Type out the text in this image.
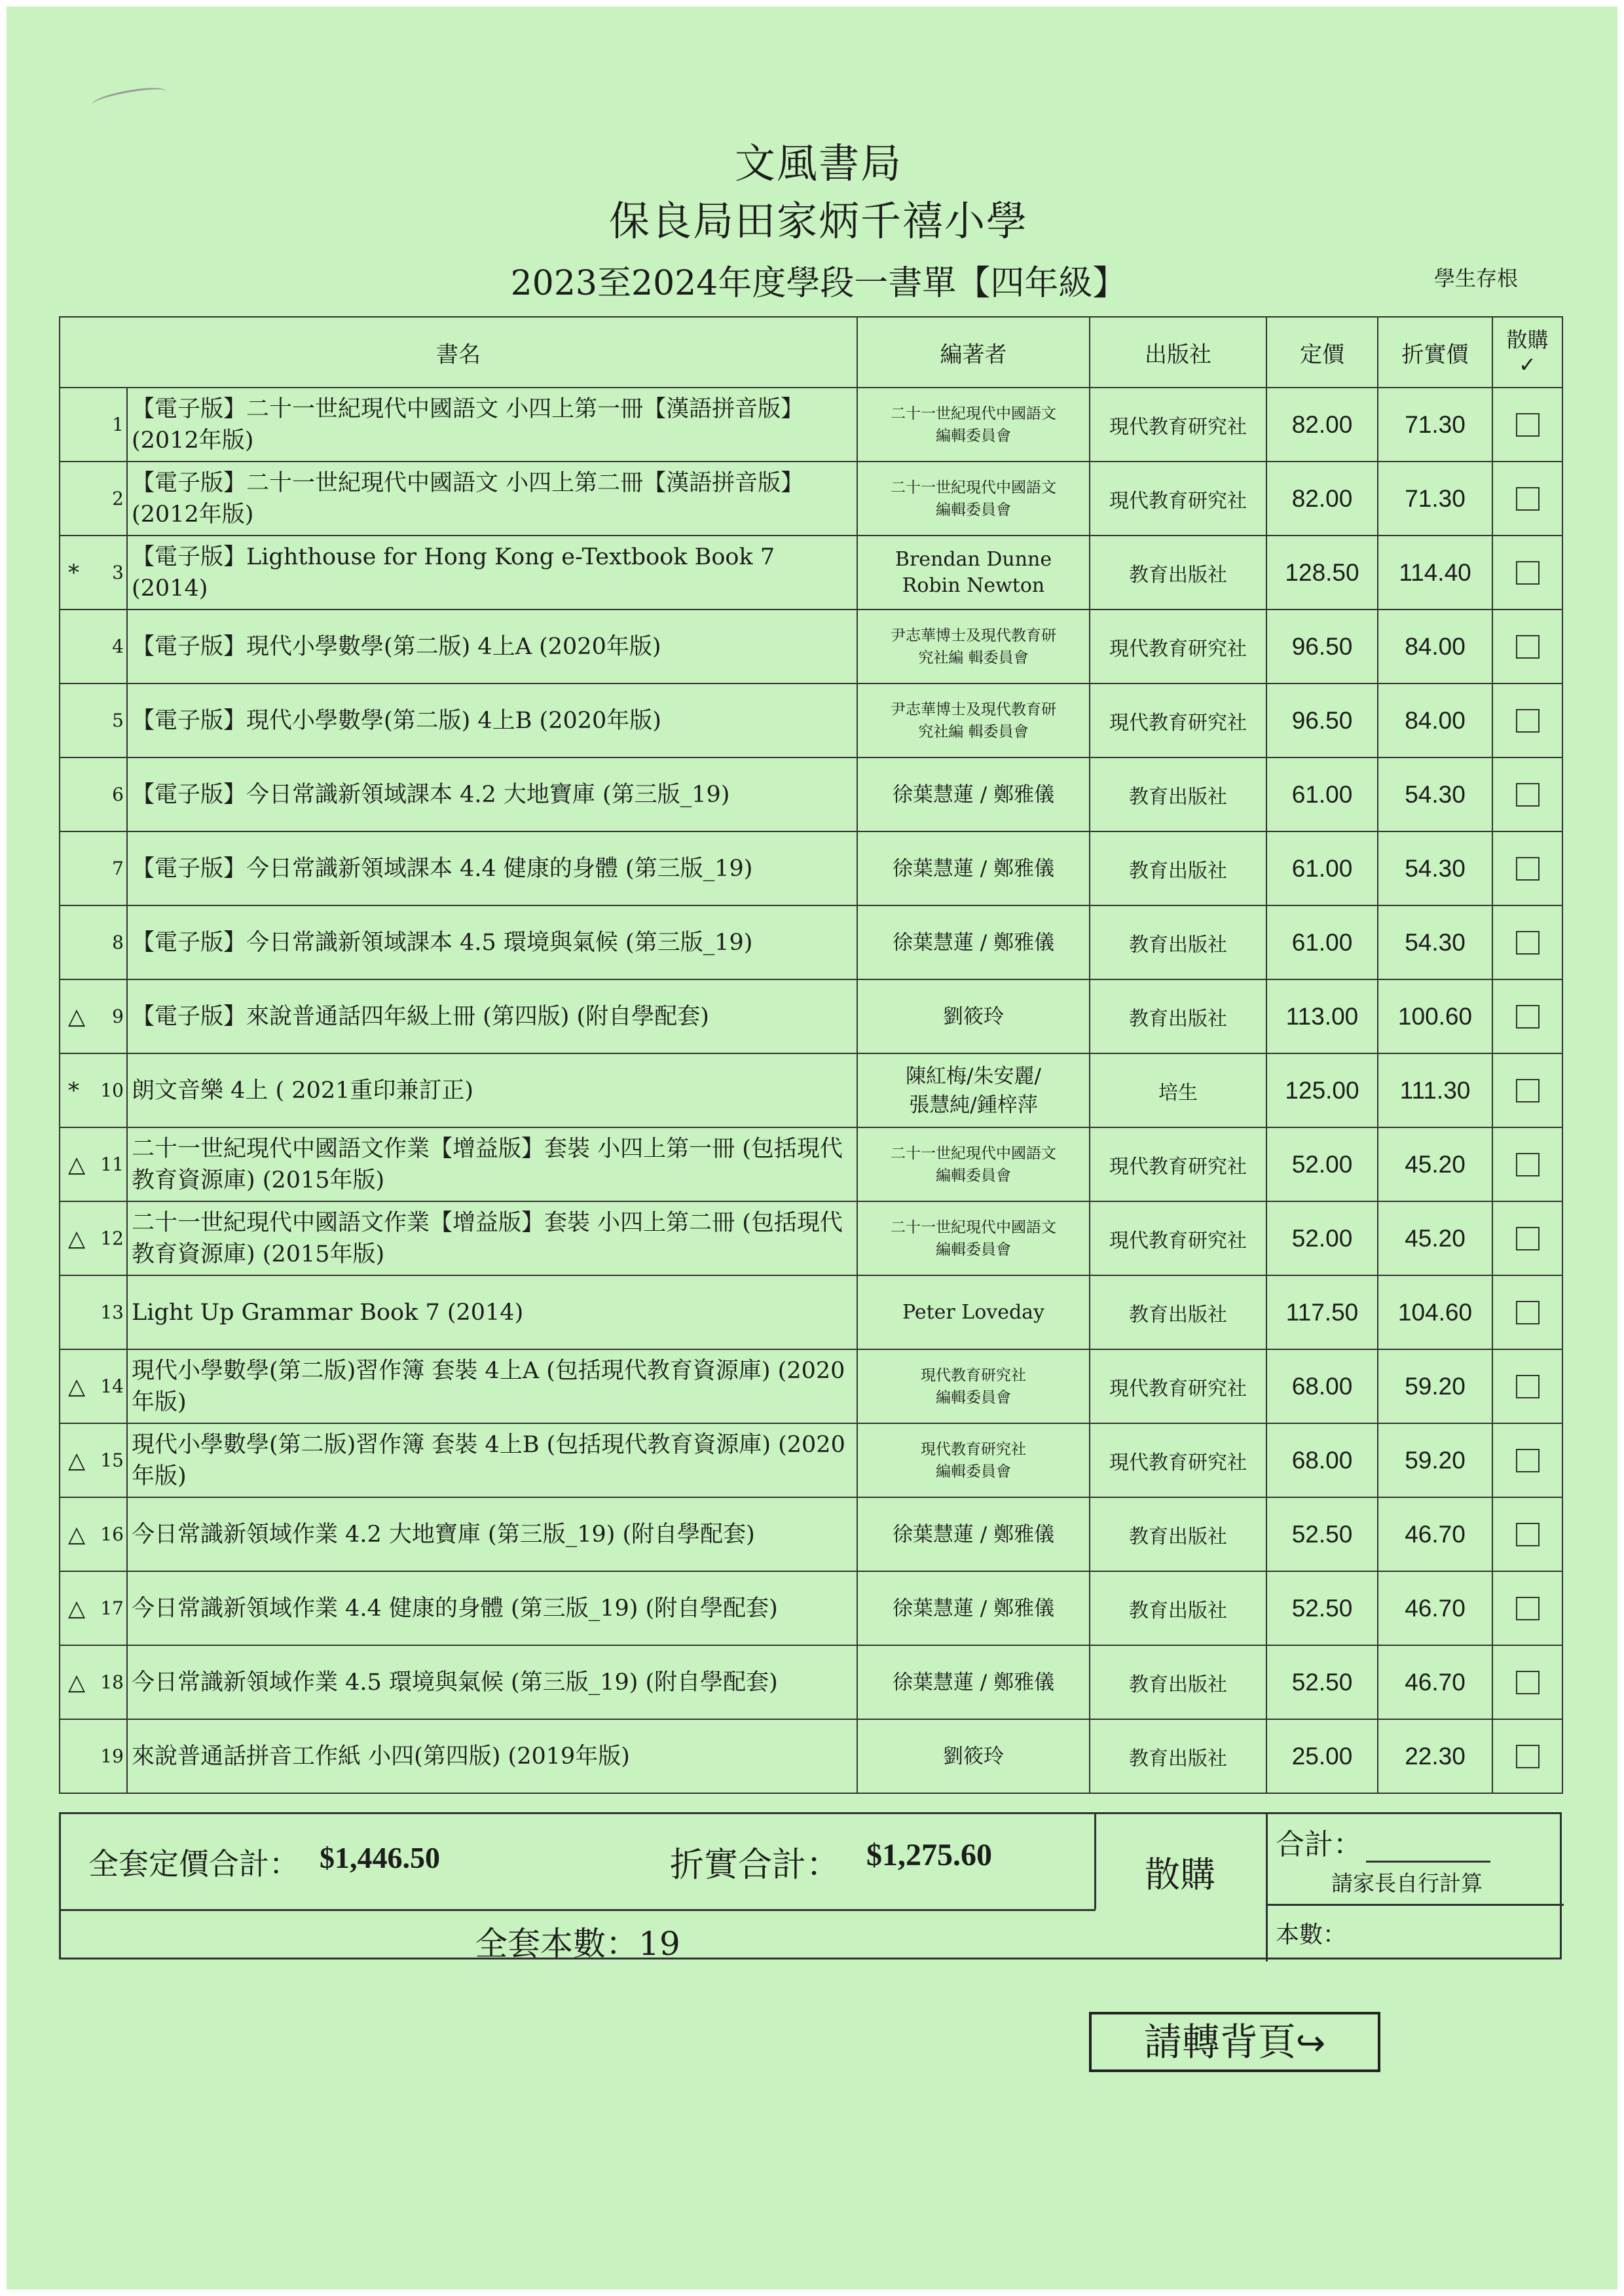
文風書局
保良局田家炳千禧小學
2023至2024年度學段一書單【四年級】	學生存根
書名			編著者	出版社	定價	折實價	散購
✓

	1	【電子版】二十一世紀現代中國語文 小四上第一冊【漢語拼音版】(2012年版)	二十一世紀現代中國語文
編輯委員會	現代教育研究社	82.00	71.30	
	2	【電子版】二十一世紀現代中國語文 小四上第二冊【漢語拼音版】(2012年版)	二十一世紀現代中國語文
編輯委員會	現代教育研究社	82.00	71.30	
*	3	【電子版】Lighthouse for Hong Kong e-Textbook Book 7 (2014)	Brendan Dunne
Robin Newton	教育出版社	128.50	114.40	
	4	【電子版】現代小學數學(第二版) 4上A (2020年版)	尹志華博士及現代教育研
究社編 輯委員會	現代教育研究社	96.50	84.00	
	5	【電子版】現代小學數學(第二版) 4上B (2020年版)	尹志華博士及現代教育研
究社編 輯委員會	現代教育研究社	96.50	84.00	
	6	【電子版】今日常識新領域課本 4.2 大地寶庫 (第三版_19)	徐葉慧蓮 / 鄭雅儀	教育出版社	61.00	54.30	
	7	【電子版】今日常識新領域課本 4.4 健康的身體 (第三版_19)	徐葉慧蓮 / 鄭雅儀	教育出版社	61.00	54.30	
	8	【電子版】今日常識新領域課本 4.5 環境與氣候 (第三版_19)	徐葉慧蓮 / 鄭雅儀	教育出版社	61.00	54.30	
△	9	【電子版】來說普通話四年級上冊 (第四版) (附自學配套)	劉筱玲	教育出版社	113.00	100.60	
*	10	朗文音樂 4上 ( 2021重印兼訂正)	陳紅梅/朱安麗/
張慧純/鍾梓萍	培生	125.00	111.30	
△	11	二十一世紀現代中國語文作業【增益版】套裝 小四上第一冊 (包括現代教育資源庫) (2015年版)	二十一世紀現代中國語文
編輯委員會	現代教育研究社	52.00	45.20	
△	12	二十一世紀現代中國語文作業【增益版】套裝 小四上第二冊 (包括現代教育資源庫) (2015年版)	二十一世紀現代中國語文
編輯委員會	現代教育研究社	52.00	45.20	
	13	Light Up Grammar Book 7 (2014)	Peter Loveday	教育出版社	117.50	104.60	
△	14	現代小學數學(第二版)習作簿 套裝 4上A (包括現代教育資源庫) (2020年版)	現代教育研究社
編輯委員會	現代教育研究社	68.00	59.20	
△	15	現代小學數學(第二版)習作簿 套裝 4上B (包括現代教育資源庫) (2020年版)	現代教育研究社
編輯委員會	現代教育研究社	68.00	59.20	
△	16	今日常識新領域作業 4.2 大地寶庫 (第三版_19) (附自學配套)	徐葉慧蓮 / 鄭雅儀	教育出版社	52.50	46.70	
△	17	今日常識新領域作業 4.4 健康的身體 (第三版_19) (附自學配套)	徐葉慧蓮 / 鄭雅儀	教育出版社	52.50	46.70	
△	18	今日常識新領域作業 4.5 環境與氣候 (第三版_19) (附自學配套)	徐葉慧蓮 / 鄭雅儀	教育出版社	52.50	46.70	
	19	來說普通話拼音工作紙 小四(第四版) (2019年版)	劉筱玲	教育出版社	25.00	22.30	
全套定價合計： $1,446.50	折實合計： $1,275.60	散購
合計：
請家長自行計算
本數：
全套本數：19
請轉背頁↪
